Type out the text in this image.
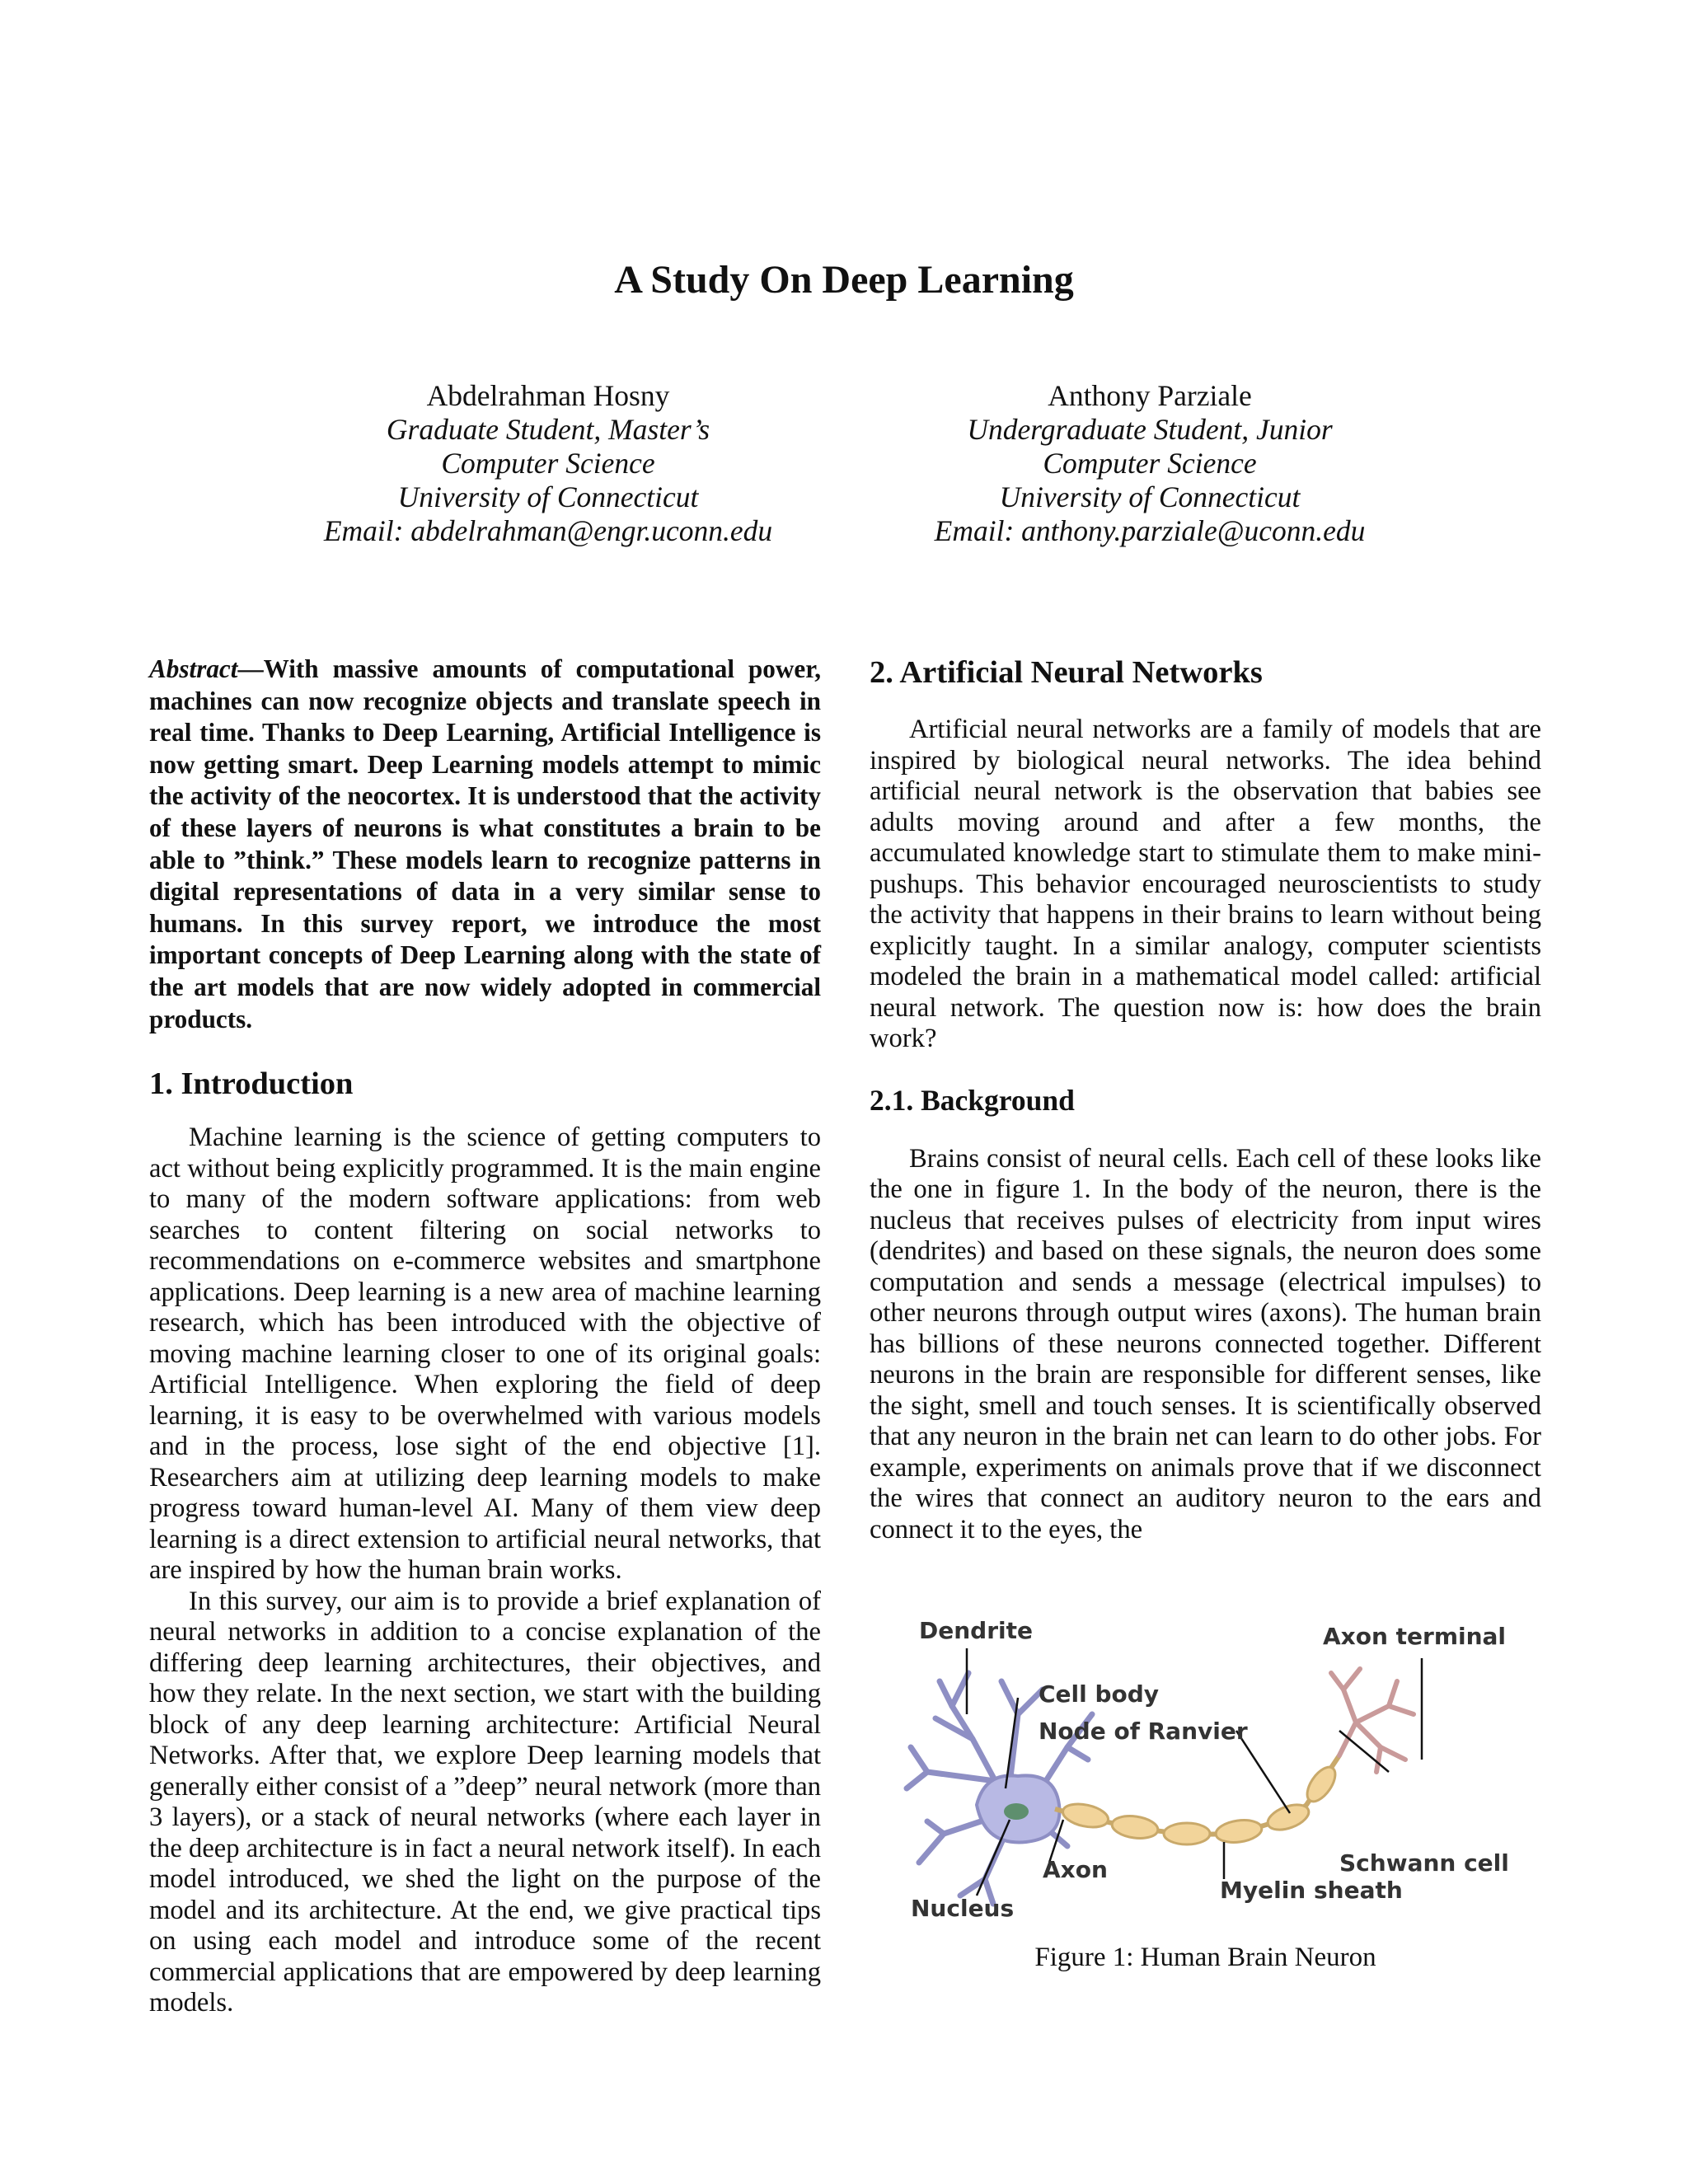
A Study On Deep Learning
Abdelrahman Hosny
Graduate Student, Master’s
Computer Science
University of Connecticut
Email: abdelrahman@engr.uconn.edu
Anthony Parziale
Undergraduate Student, Junior
Computer Science
University of Connecticut
Email: anthony.parziale@uconn.edu

Abstract—With massive amounts of computational power, machines can now recognize objects and translate speech in real time. Thanks to Deep Learning, Artificial Intelligence is now getting smart. Deep Learning models attempt to mimic the activity of the neocortex. It is understood that the activity of these layers of neurons is what constitutes a brain to be able to ”think.” These models learn to recognize patterns in digital representations of data in a very similar sense to humans. In this survey report, we introduce the most important concepts of Deep Learning along with the state of the art models that are now widely adopted in commercial products.

1. Introduction

Machine learning is the science of getting computers to act without being explicitly programmed. It is the main engine to many of the modern software applications: from web searches to content filtering on social networks to recommendations on e-commerce websites and smartphone applications. Deep learning is a new area of machine learning research, which has been introduced with the objective of moving machine learning closer to one of its original goals: Artificial Intelligence. When exploring the field of deep learning, it is easy to be overwhelmed with various models and in the process, lose sight of the end objective [1]. Researchers aim at utilizing deep learning models to make progress toward human-level AI. Many of them view deep learning is a direct extension to artificial neural networks, that are inspired by how the human brain works.

In this survey, our aim is to provide a brief explanation of neural networks in addition to a concise explanation of the differing deep learning architectures, their objectives, and how they relate. In the next section, we start with the building block of any deep learning architecture: Artificial Neural Networks. After that, we explore Deep learning models that generally either consist of a ”deep” neural network (more than 3 layers), or a stack of neural networks (where each layer in the deep architecture is in fact a neural network itself). In each model introduced, we shed the light on the purpose of the model and its architecture. At the end, we give practical tips on using each model and introduce some of the recent commercial applications that are empowered by deep learning models.

2. Artificial Neural Networks

Artificial neural networks are a family of models that are inspired by biological neural networks. The idea behind artificial neural network is the observation that babies see adults moving around and after a few months, the accumulated knowledge start to stimulate them to make mini-pushups. This behavior encouraged neuroscientists to study the activity that happens in their brains to learn without being explicitly taught. In a similar analogy, computer scientists modeled the brain in a mathematical model called: artificial neural network. The question now is: how does the brain work?

2.1. Background

Brains consist of neural cells. Each cell of these looks like the one in figure 1. In the body of the neuron, there is the nucleus that receives pulses of electricity from input wires (dendrites) and based on these signals, the neuron does some computation and sends a message (electrical impulses) to other neurons through output wires (axons). The human brain has billions of these neurons connected together. Different neurons in the brain are responsible for different senses, like the sight, smell and touch senses. It is scientifically observed that any neuron in the brain net can learn to do other jobs. For example, experiments on animals prove that if we disconnect the wires that connect an auditory neuron to the ears and connect it to the eyes, the

Dendrite	Axon terminal
Cell body
Node of Ranvier
Axon	Schwann cell
Myelin sheath
Nucleus
Figure 1: Human Brain Neuron
